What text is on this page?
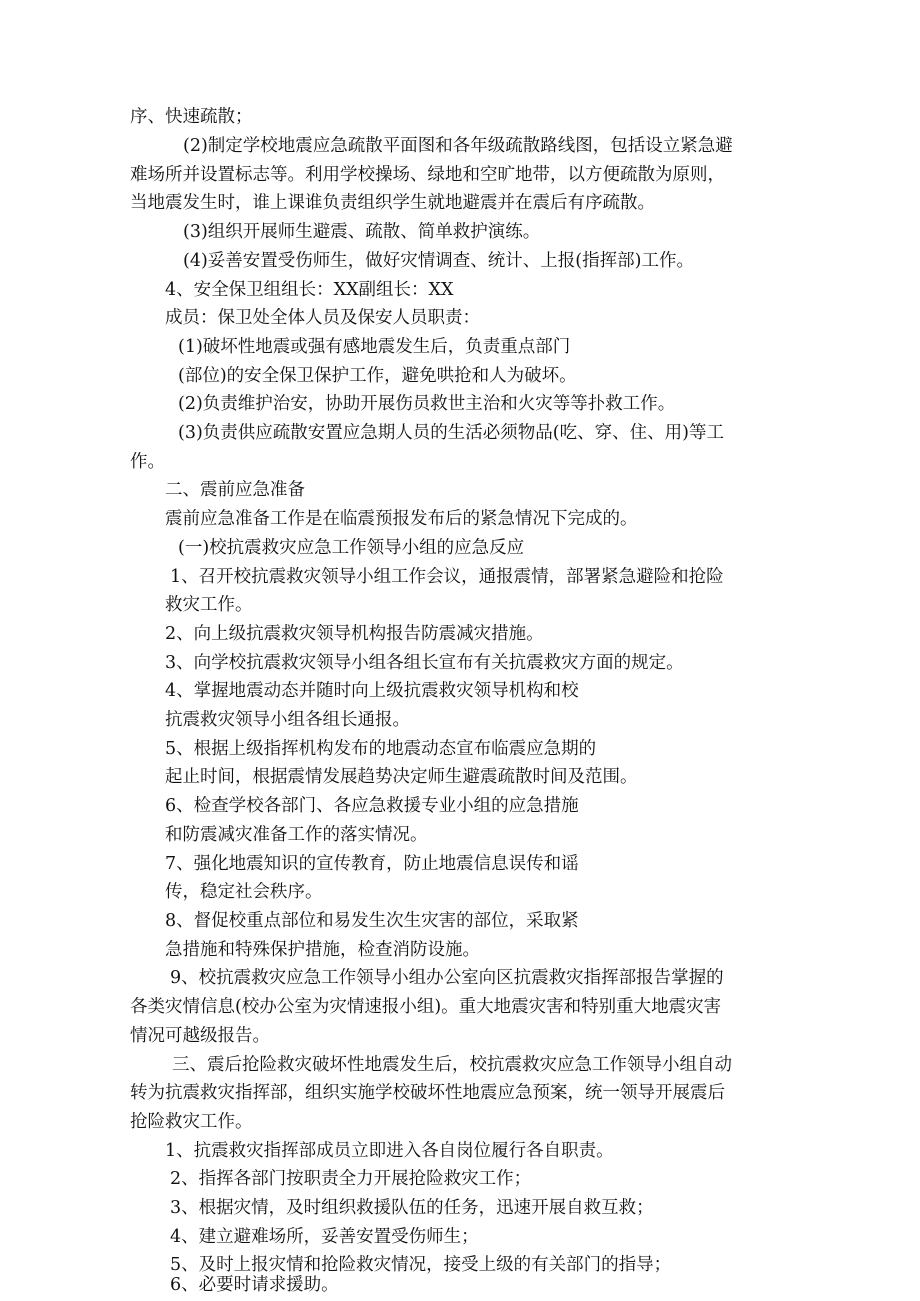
序、快速疏散；

(2)制定学校地震应急疏散平面图和各年级疏散路线图，包括设立紧急避

难场所并设置标志等。利用学校操场、绿地和空旷地带，以方便疏散为原则，

当地震发生时，谁上课谁负责组织学生就地避震并在震后有序疏散。

(3)组织开展师生避震、疏散、简单救护演练。

(4)妥善安置受伤师生，做好灾情调查、统计、上报(指挥部)工作。

4、安全保卫组组长：XX副组长：XX

成员：保卫处全体人员及保安人员职责：

(1)破坏性地震或强有感地震发生后，负责重点部门

(部位)的安全保卫保护工作，避免哄抢和人为破坏。

(2)负责维护治安，协助开展伤员救世主治和火灾等等扑救工作。

(3)负责供应疏散安置应急期人员的生活必须物品(吃、穿、住、用)等工

作。

二、震前应急准备

震前应急准备工作是在临震预报发布后的紧急情况下完成的。

(一)校抗震救灾应急工作领导小组的应急反应

1、召开校抗震救灾领导小组工作会议，通报震情，部署紧急避险和抢险

救灾工作。

2、向上级抗震救灾领导机构报告防震减灾措施。

3、向学校抗震救灾领导小组各组长宣布有关抗震救灾方面的规定。

4、掌握地震动态并随时向上级抗震救灾领导机构和校

抗震救灾领导小组各组长通报。

5、根据上级指挥机构发布的地震动态宣布临震应急期的

起止时间，根据震情发展趋势决定师生避震疏散时间及范围。

6、检查学校各部门、各应急救援专业小组的应急措施

和防震减灾准备工作的落实情况。

7、强化地震知识的宣传教育，防止地震信息误传和谣

传，稳定社会秩序。

8、督促校重点部位和易发生次生灾害的部位，采取紧

急措施和特殊保护措施，检查消防设施。

9、校抗震救灾应急工作领导小组办公室向区抗震救灾指挥部报告掌握的

各类灾情信息(校办公室为灾情速报小组)。重大地震灾害和特别重大地震灾害

情况可越级报告。

三、震后抢险救灾破坏性地震发生后，校抗震救灾应急工作领导小组自动

转为抗震救灾指挥部，组织实施学校破坏性地震应急预案，统一领导开展震后

抢险救灾工作。

1、抗震救灾指挥部成员立即进入各自岗位履行各自职责。

2、指挥各部门按职责全力开展抢险救灾工作；

3、根据灾情，及时组织救援队伍的任务，迅速开展自救互救；

4、建立避难场所，妥善安置受伤师生；

5、及时上报灾情和抢险救灾情况，接受上级的有关部门的指导；

6、必要时请求援助。
